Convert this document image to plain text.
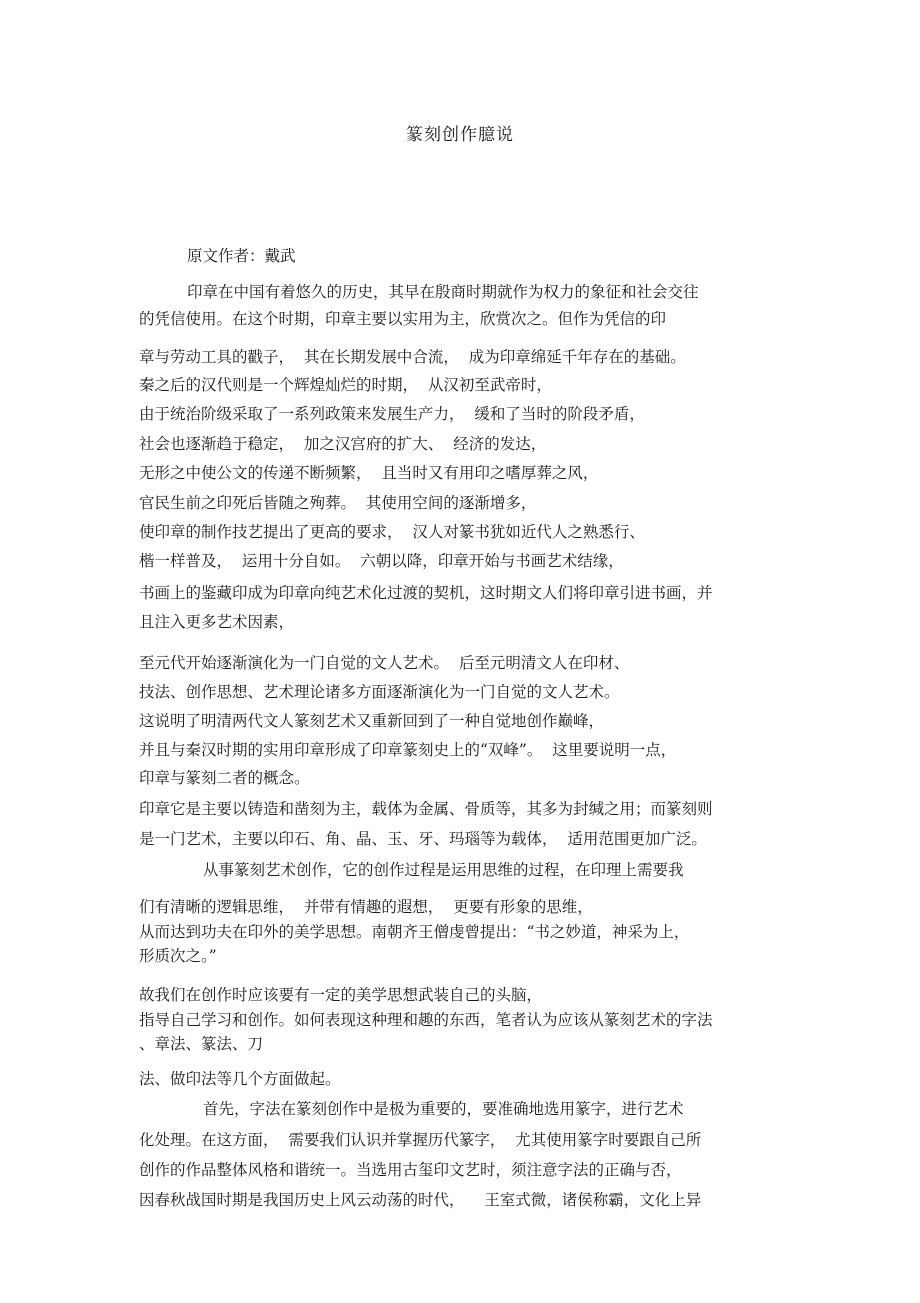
篆刻创作臆说

原文作者：戴武

印章在中国有着悠久的历史，其早在殷商时期就作为权力的象征和社会交往

的凭信使用。在这个时期，印章主要以实用为主，欣赏次之。但作为凭信的印

章与劳动工具的戳子，  其在长期发展中合流，  成为印章绵延千年存在的基础。

秦之后的汉代则是一个辉煌灿烂的时期，  从汉初至武帝时，

由于统治阶级采取了一系列政策来发展生产力，  缓和了当时的阶段矛盾，

社会也逐渐趋于稳定，  加之汉宫府的扩大、  经济的发达，

无形之中使公文的传递不断频繁，  且当时又有用印之嗜厚葬之风，

官民生前之印死后皆随之殉葬。  其使用空间的逐渐增多，

使印章的制作技艺提出了更高的要求，  汉人对篆书犹如近代人之熟悉行、

楷一样普及，  运用十分自如。  六朝以降，印章开始与书画艺术结缘，

书画上的鉴藏印成为印章向纯艺术化过渡的契机，这时期文人们将印章引进书画，并

且注入更多艺术因素，

至元代开始逐渐演化为一门自觉的文人艺术。  后至元明清文人在印材、

技法、创作思想、艺术理论诸多方面逐渐演化为一门自觉的文人艺术。

这说明了明清两代文人篆刻艺术又重新回到了一种自觉地创作巅峰，

并且与秦汉时期的实用印章形成了印章篆刻史上的“双峰”。  这里要说明一点，

印章与篆刻二者的概念。

印章它是主要以铸造和凿刻为主，载体为金属、骨质等，其多为封缄之用；而篆刻则

是一门艺术，主要以印石、角、晶、玉、牙、玛瑙等为载体，  适用范围更加广泛。

从事篆刻艺术创作，它的创作过程是运用思维的过程，在印理上需要我

们有清晰的逻辑思维，  并带有情趣的遐想，  更要有形象的思维，

从而达到功夫在印外的美学思想。南朝齐王僧虔曾提出：“书之妙道，神采为上，

形质次之。”

故我们在创作时应该要有一定的美学思想武装自己的头脑，

指导自己学习和创作。如何表现这种理和趣的东西，笔者认为应该从篆刻艺术的字法

、章法、篆法、刀

法、做印法等几个方面做起。

首先，字法在篆刻创作中是极为重要的，要准确地选用篆字，进行艺术

化处理。在这方面，  需要我们认识并掌握历代篆字，  尤其使用篆字时要跟自己所

创作的作品整体风格和谐统一。当选用古玺印文艺时，须注意字法的正确与否，

因春秋战国时期是我国历史上风云动荡的时代，    王室式微，诸侯称霸，文化上异
